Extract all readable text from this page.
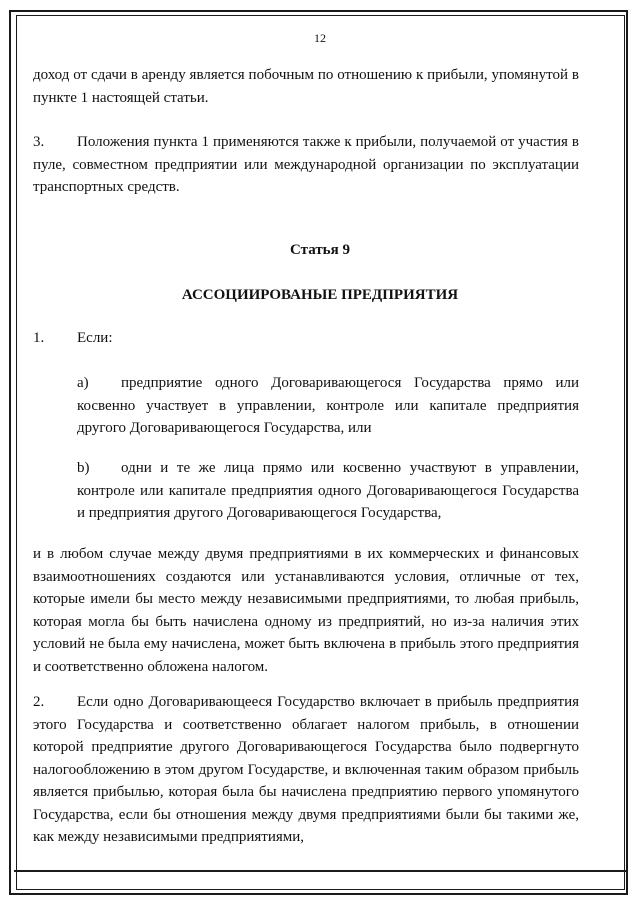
12
доход от сдачи в аренду является побочным по отношению к прибыли, упомянутой в пункте 1 настоящей статьи.
3. Положения пункта 1 применяются также к прибыли, получаемой от участия в пуле, совместном предприятии или международной организации по эксплуатации транспортных средств.
Статья 9
АССОЦИИРОВАНЫЕ ПРЕДПРИЯТИЯ
1. Если:
а) предприятие одного Договаривающегося Государства прямо или косвенно участвует в управлении, контроле или капитале предприятия другого Договаривающегося Государства, или
b) одни и те же лица прямо или косвенно участвуют в управлении, контроле или капитале предприятия одного Договаривающегося Государства и предприятия другого Договаривающегося Государства,
и в любом случае между двумя предприятиями в их коммерческих и финансовых взаимоотношениях создаются или устанавливаются условия, отличные от тех, которые имели бы место между независимыми предприятиями, то любая прибыль, которая могла бы быть начислена одному из предприятий, но из-за наличия этих условий не была ему начислена, может быть включена в прибыль этого предприятия и соответственно обложена налогом.
2. Если одно Договаривающееся Государство включает в прибыль предприятия этого Государства и соответственно облагает налогом прибыль, в отношении которой предприятие другого Договаривающегося Государства было подвергнуто налогообложению в этом другом Государстве, и включенная таким образом прибыль является прибылью, которая была бы начислена предприятию первого упомянутого Государства, если бы отношения между двумя предприятиями были бы такими же, как между независимыми предприятиями,
